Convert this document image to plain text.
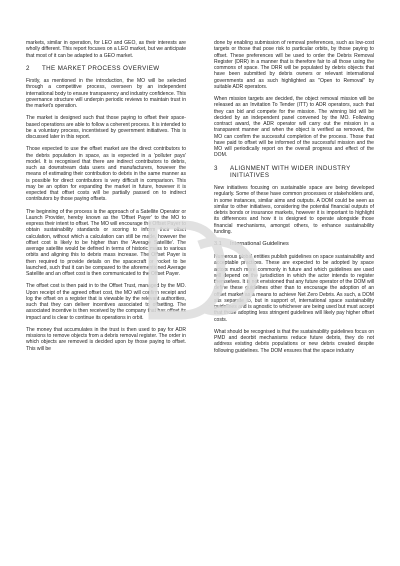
markets, similar in operation, for LEO and GEO, as their interests are wholly different. This report focuses on a LEO market, but we anticipate that most of it can be adapted to a GEO market.

2	THE MARKET PROCESS OVERVIEW

Firstly, as mentioned in the introduction, the MO will be selected through a competitive process, overseen by an independent international body to ensure transparency and industry confidence. This governance structure will underpin periodic reviews to maintain trust in the market's operation.

The market is designed such that those paying to offset their space-based operations are able to follow a coherent process. It is intended to be a voluntary process, incentivised by government initiatives. This is discussed later in this report.

Those expected to use the offset market are the direct contributors to the debris population in space, as is expected in a 'polluter pays' model. It is recognised that there are indirect contributors to debris, such as downstream data users and manufacturers, however the means of estimating their contribution to debris in the same manner as is possible for direct contributors is very difficult in comparison. This may be an option for expanding the market in future, however it is expected that offset costs will be partially passed on to indirect contributors by those paying offsets.

The beginning of the process is the approach of a Satellite Operator or Launch Provider, hereby known as the 'Offset Payer' to the MO to express their intent to offset. The MO will encourage the Offset Payer to obtain sustainability standards or scoring to inform their offset calculation, without which a calculation can still be made, however the offset cost is likely to be higher than the 'Average Satellite'. The average satellite would be defined in terms of historic mass to various orbits and aligning this to debris mass increase. The Offset Payer is then required to provide details on the spacecraft or rocket to be launched, such that it can be compared to the aforementioned Average Satellite and an offset cost is then communicated to the Offset Payer.

The offset cost is then paid in to the Offset Trust, managed by the MO. Upon receipt of the agreed offset cost, the MO will confirm receipt and log the offset on a register that is viewable by the relevant authorities, such that they can deliver incentives associated to offsetting. The associated incentive is then received by the company that has offset its impact and is clear to continue its operations in orbit.

The money that accumulates in the trust is then used to pay for ADR missions to remove objects from a debris removal register. The order in which objects are removed is decided upon by those paying to offset. This will be

done by enabling submission of removal preferences, such as low-cost targets or those that pose risk to particular orbits, by those paying to offset. These preferences will be used to order the Debris Removal Register (DRR) in a manner that is therefore fair to all those using the commons of space. The DRR will be populated by debris objects that have been submitted by debris owners or relevant international governments and as such highlighted as "Open to Removal" by suitable ADR operators.

When mission targets are decided, the object removal mission will be released as an Invitation To Tender (ITT) to ADR operators, such that they can bid and compete for the mission. The winning bid will be decided by an independent panel convened by the MO. Following contract award, the ADR operator will carry out the mission in a transparent manner and when the object is verified as removed, the MO can confirm the successful completion of the process. Those that have paid to offset will be informed of the successful mission and the MO will periodically report on the overall progress and effect of the DOM.

3	ALIGNMENT WITH WIDER INDUSTRY INITIATIVES

New initiatives focusing on sustainable space are being developed regularly. Some of these have common processes or stakeholders and, in some instances, similar aims and outputs. A DOM could be seen as similar to other initiatives, considering the potential financial outputs of debris bonds or insurance markets, however it is important to highlight its differences and how it is designed to operate alongside those financial mechanisms, amongst others, to enhance sustainability funding.

3.1	International Guidelines

Numerous global entities publish guidelines on space sustainability and acceptable practices. These are expected to be adopted by space actors much more commonly in future and which guidelines are used will depend on the jurisdiction in which the actor intends to register themselves. It is not envisioned that any future operator of the DOM will define these guidelines other than to encourage the adoption of an offset market as a means to achieve Net Zero Debris. As such, a DOM sits separate to, but in support of, international space sustainability guidelines and is agnostic to whichever are being used but must accept that those adopting less stringent guidelines will likely pay higher offset costs.

What should be recognised is that the sustainability guidelines focus on PMD and deorbit mechanisms reduce future debris, they do not address existing debris populations or new debris created despite following guidelines. The DOM ensures that the space industry
